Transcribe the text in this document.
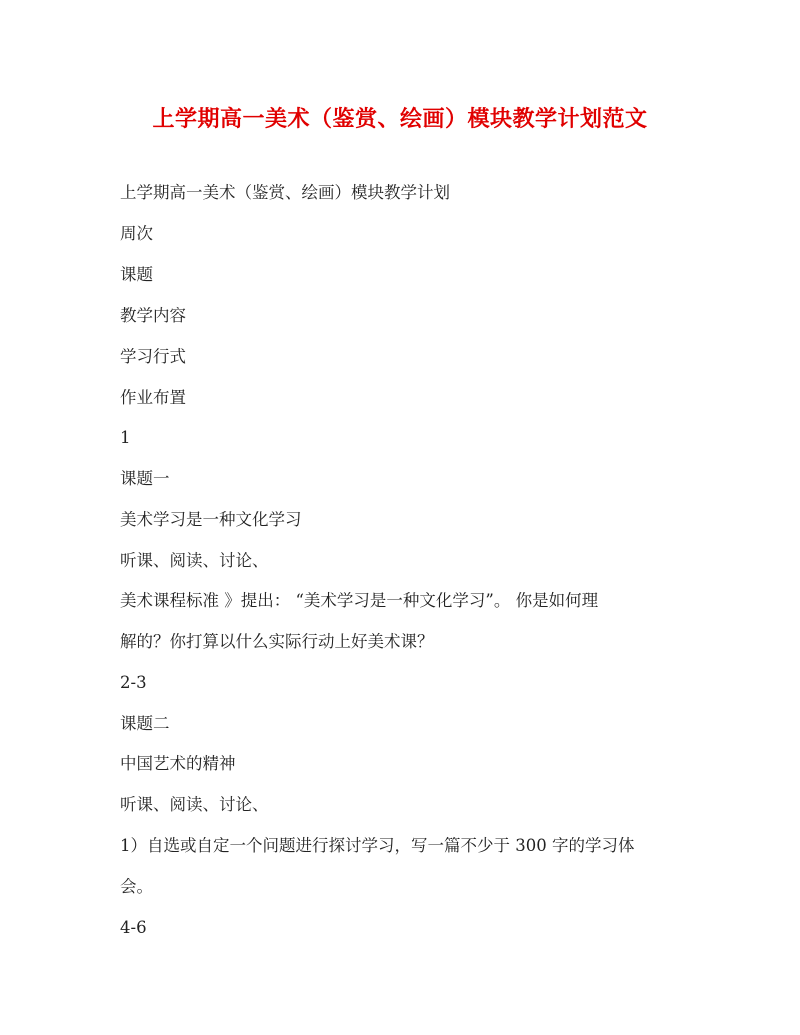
上学期高一美术（鉴赏、绘画）模块教学计划范文

上学期高一美术（鉴赏、绘画）模块教学计划

周次

课题

教学内容

学习行式

作业布置

1

课题一

美术学习是一种文化学习

听课、阅读、讨论、

美术课程标准 》提出： “美术学习是一种文化学习”。 你是如何理

解的？你打算以什么实际行动上好美术课？

2-3

课题二

中国艺术的精神

听课、阅读、讨论、

1）自选或自定一个问题进行探讨学习，写一篇不少于 300 字的学习体

会。

4-6
